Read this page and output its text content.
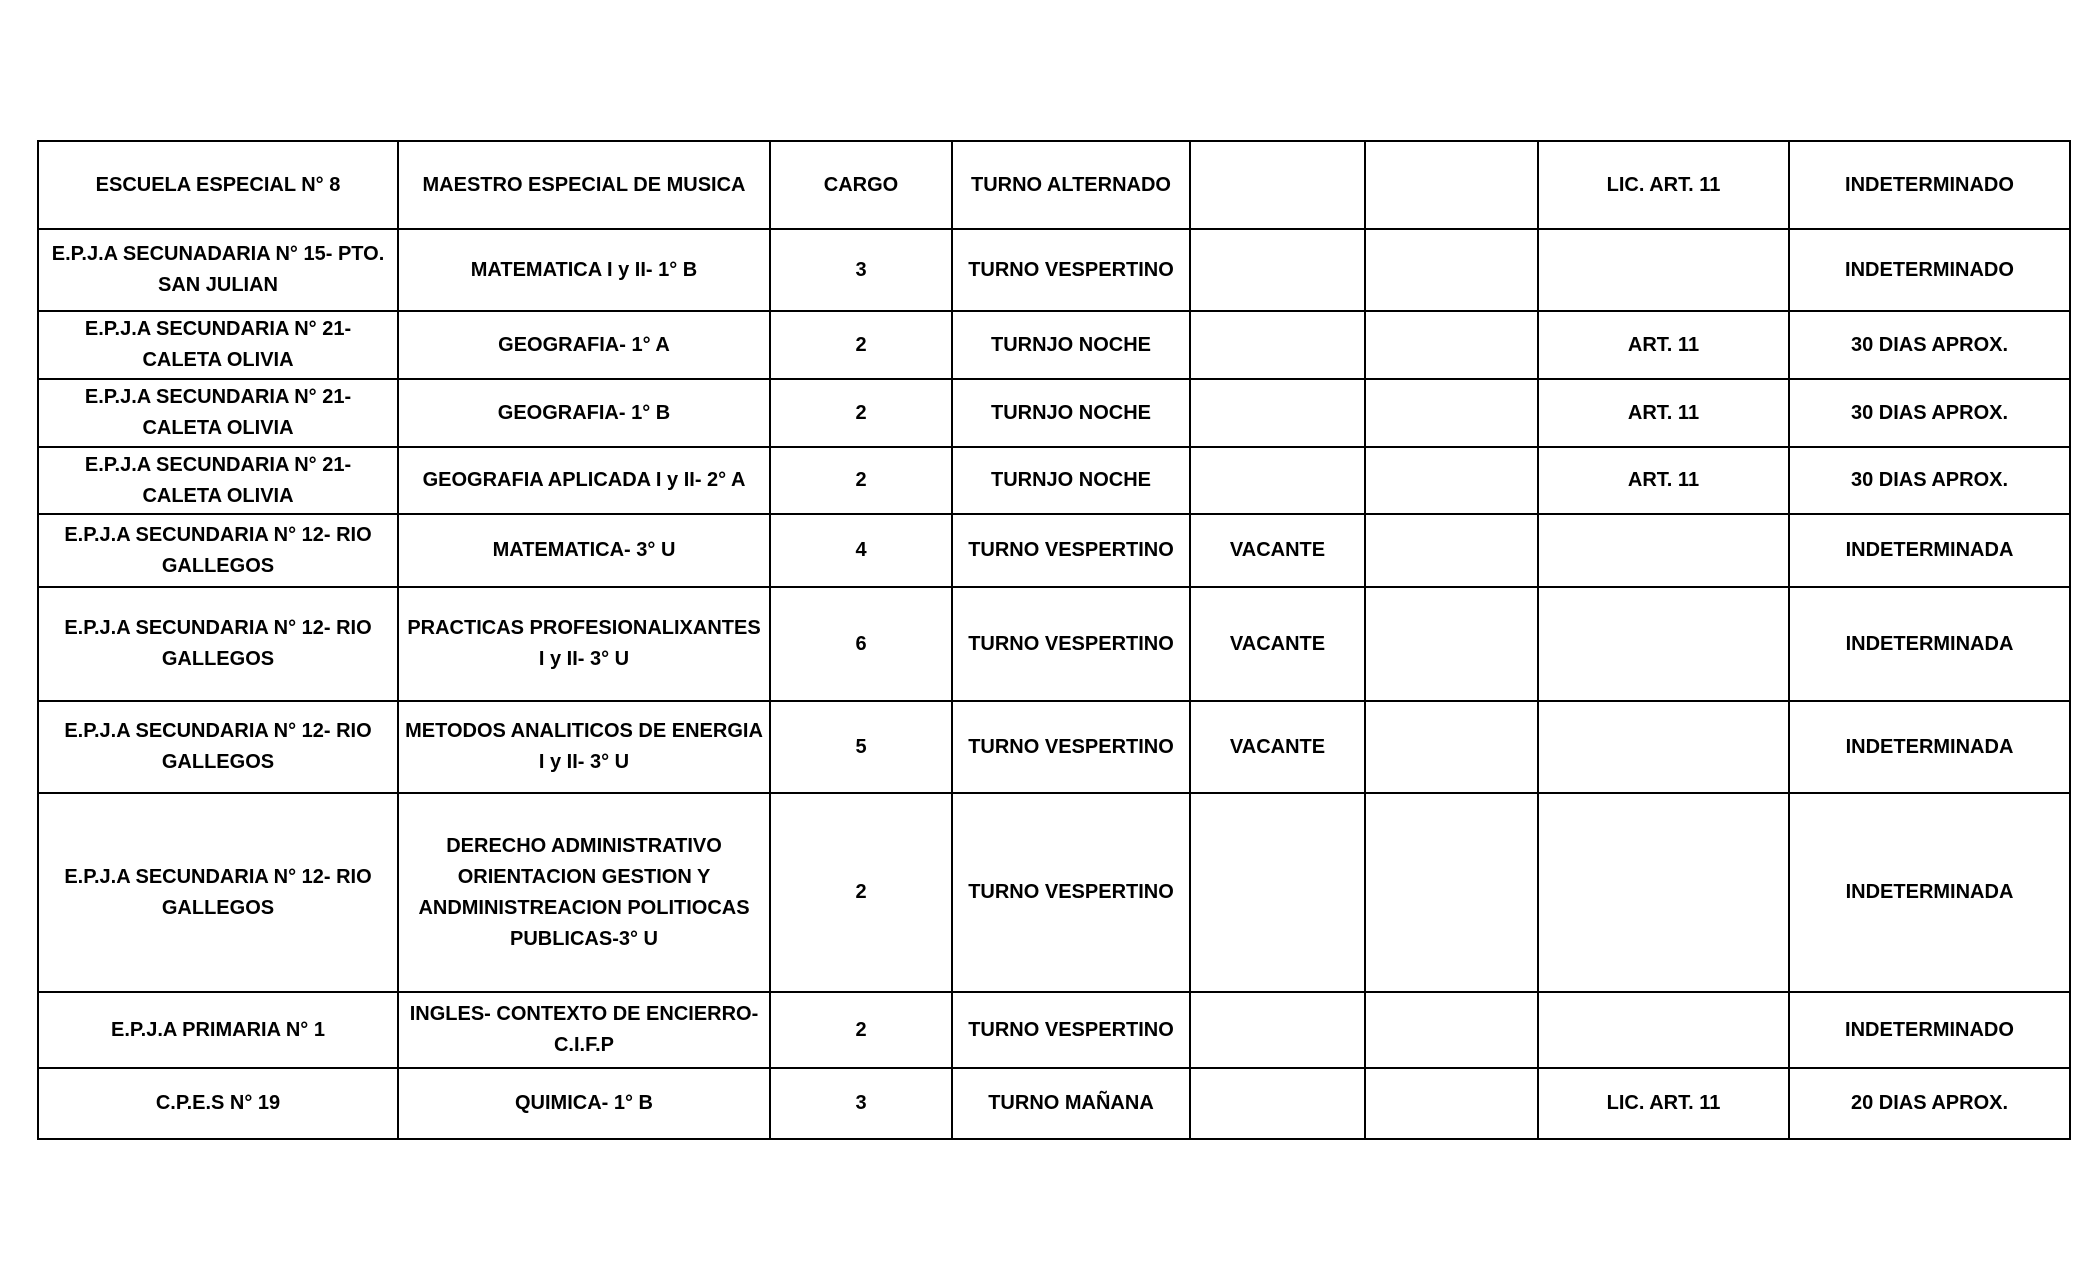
ESCUELA ESPECIAL N° 8	MAESTRO ESPECIAL DE MUSICA	CARGO	TURNO ALTERNADO			LIC. ART. 11	INDETERMINADO
E.P.J.A SECUNADARIA N° 15- PTO. SAN JULIAN	MATEMATICA I y II- 1° B	3	TURNO VESPERTINO				INDETERMINADO
E.P.J.A SECUNDARIA N° 21- CALETA OLIVIA	GEOGRAFIA- 1° A	2	TURNJO NOCHE			ART. 11	30 DIAS APROX.
E.P.J.A SECUNDARIA N° 21- CALETA OLIVIA	GEOGRAFIA- 1° B	2	TURNJO NOCHE			ART. 11	30 DIAS APROX.
E.P.J.A SECUNDARIA N° 21- CALETA OLIVIA	GEOGRAFIA APLICADA I y II- 2° A	2	TURNJO NOCHE			ART. 11	30 DIAS APROX.
E.P.J.A SECUNDARIA N° 12- RIO GALLEGOS	MATEMATICA- 3° U	4	TURNO VESPERTINO	VACANTE			INDETERMINADA
E.P.J.A SECUNDARIA N° 12- RIO GALLEGOS	PRACTICAS PROFESIONALIXANTES I y II- 3° U	6	TURNO VESPERTINO	VACANTE			INDETERMINADA
E.P.J.A SECUNDARIA N° 12- RIO GALLEGOS	METODOS ANALITICOS DE ENERGIA I y II- 3° U	5	TURNO VESPERTINO	VACANTE			INDETERMINADA
E.P.J.A SECUNDARIA N° 12- RIO GALLEGOS	DERECHO ADMINISTRATIVO ORIENTACION GESTION Y ANDMINISTREACION POLITIOCAS PUBLICAS-3° U	2	TURNO VESPERTINO				INDETERMINADA
E.P.J.A PRIMARIA N° 1	INGLES- CONTEXTO DE ENCIERRO- C.I.F.P	2	TURNO VESPERTINO				INDETERMINADO
C.P.E.S N° 19	QUIMICA- 1° B	3	TURNO MAÑANA			LIC. ART. 11	20 DIAS APROX.
